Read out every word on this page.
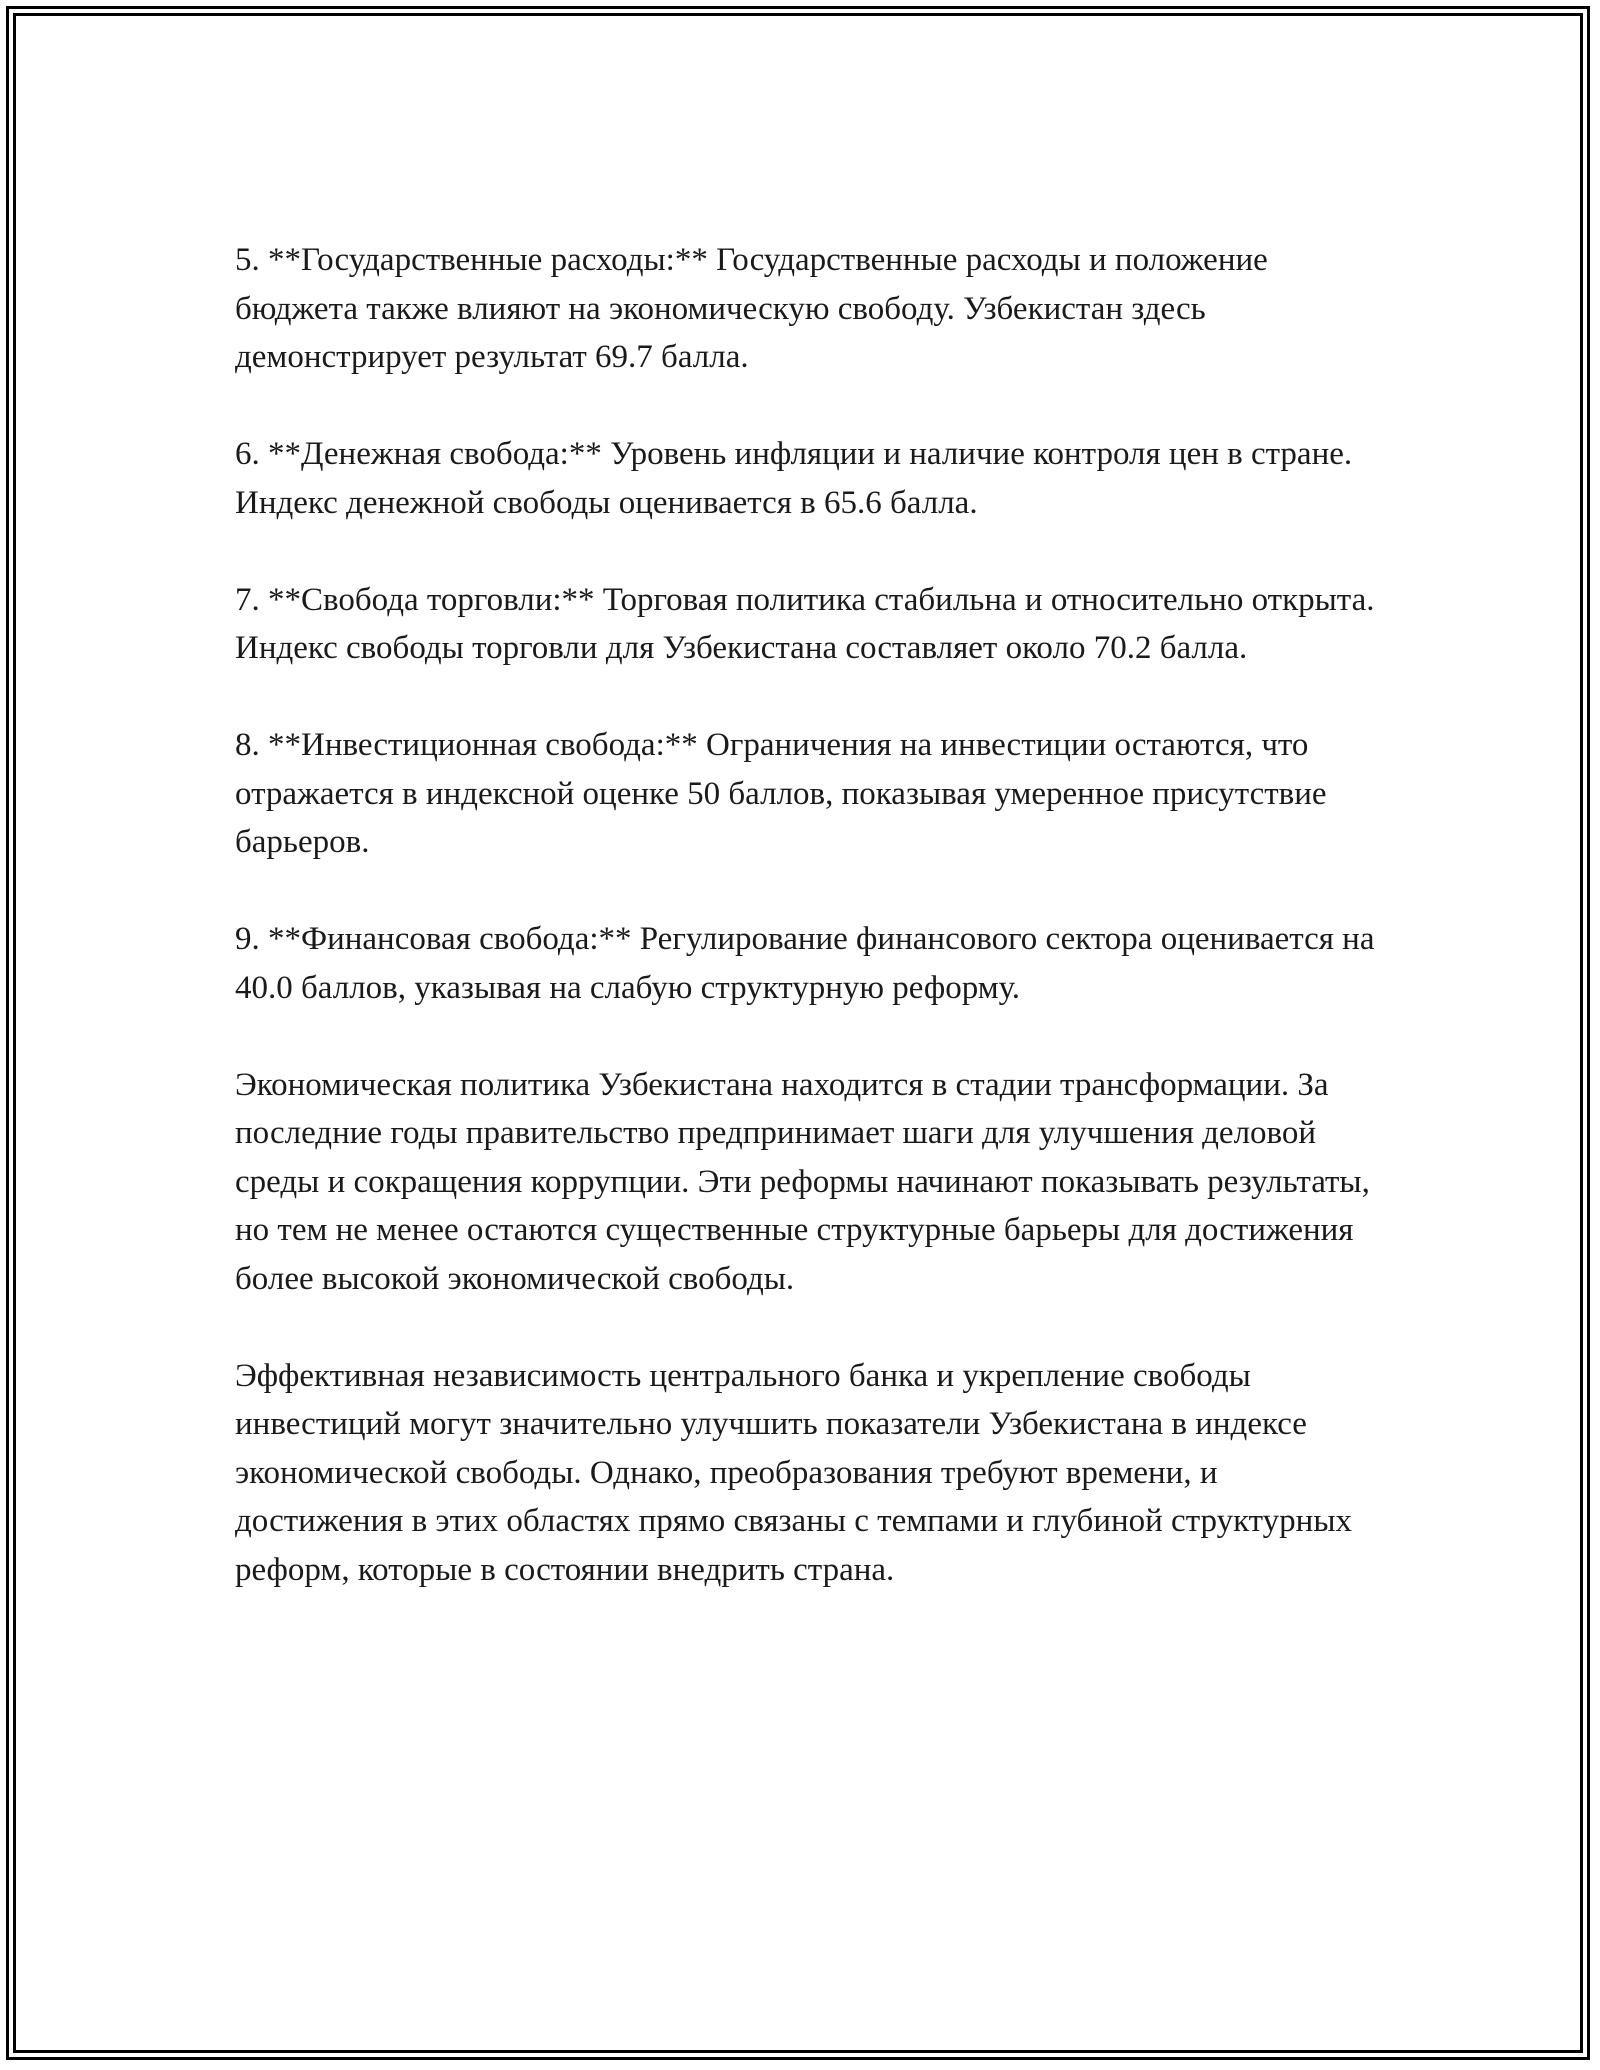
5. **Государственные расходы:** Государственные расходы и положение бюджета также влияют на экономическую свободу. Узбекистан здесь демонстрирует результат 69.7 балла.

6. **Денежная свобода:** Уровень инфляции и наличие контроля цен в стране. Индекс денежной свободы оценивается в 65.6 балла.

7. **Свобода торговли:** Торговая политика стабильна и относительно открыта. Индекс свободы торговли для Узбекистана составляет около 70.2 балла.

8. **Инвестиционная свобода:** Ограничения на инвестиции остаются, что отражается в индексной оценке 50 баллов, показывая умеренное присутствие барьеров.

9. **Финансовая свобода:** Регулирование финансового сектора оценивается на 40.0 баллов, указывая на слабую структурную реформу.

Экономическая политика Узбекистана находится в стадии трансформации. За последние годы правительство предпринимает шаги для улучшения деловой среды и сокращения коррупции. Эти реформы начинают показывать результаты, но тем не менее остаются существенные структурные барьеры для достижения более высокой экономической свободы.

Эффективная независимость центрального банка и укрепление свободы инвестиций могут значительно улучшить показатели Узбекистана в индексе экономической свободы. Однако, преобразования требуют времени, и достижения в этих областях прямо связаны с темпами и глубиной структурных реформ, которые в состоянии внедрить страна.
